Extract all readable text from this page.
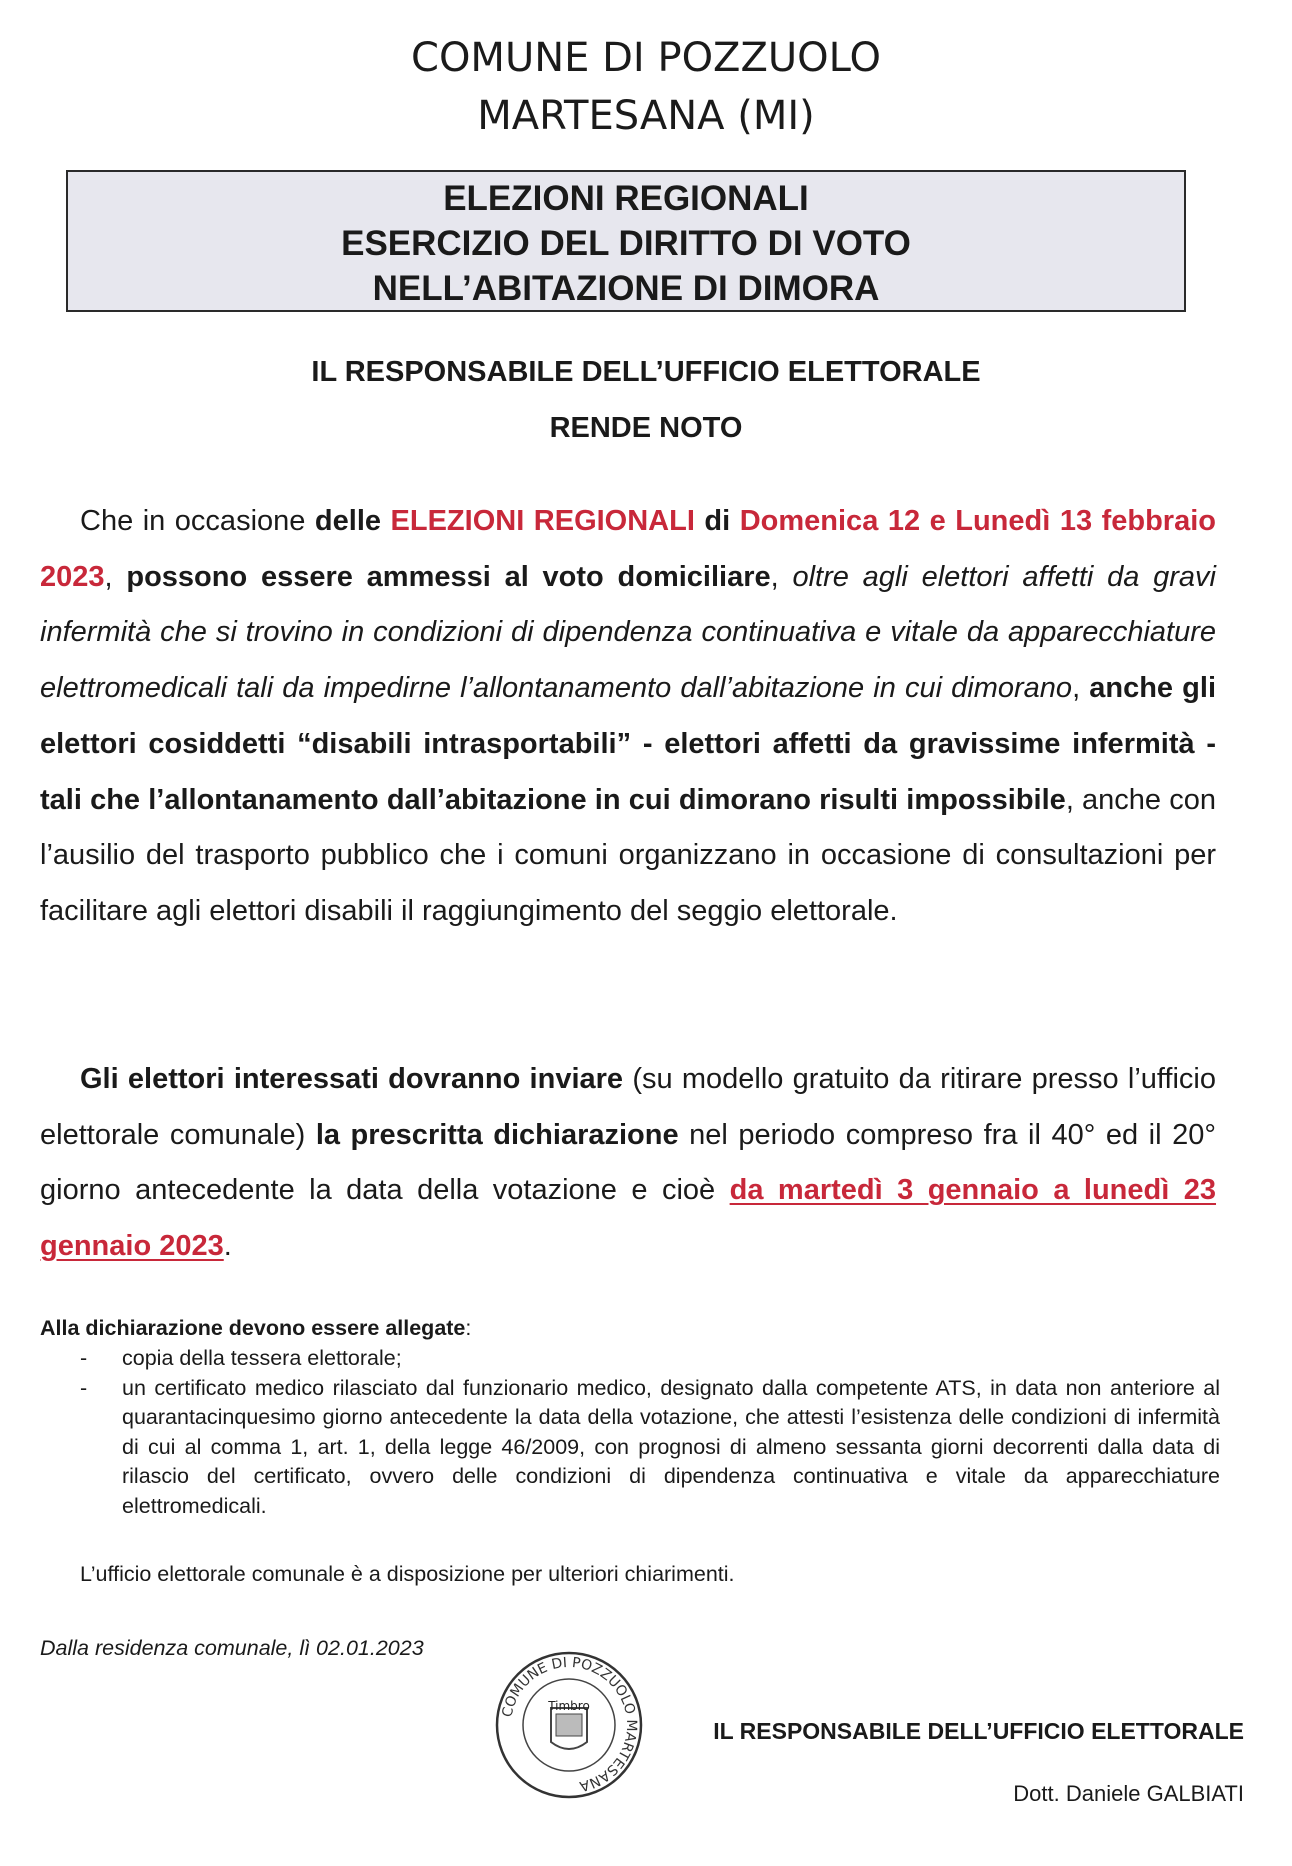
COMUNE DI POZZUOLO
MARTESANA (MI)
ELEZIONI REGIONALI
ESERCIZIO DEL DIRITTO DI VOTO
NELL’ABITAZIONE DI DIMORA
IL RESPONSABILE DELL’UFFICIO ELETTORALE
RENDE NOTO

Che in occasione delle ELEZIONI REGIONALI di Domenica 12 e Lunedì 13 febbraio 2023, possono essere ammessi al voto domiciliare, oltre agli elettori affetti da gravi infermità che si trovino in condizioni di dipendenza continuativa e vitale da apparecchiature elettromedicali tali da impedirne l’allontanamento dall’abitazione in cui dimorano, anche gli elettori cosiddetti “disabili intrasportabili” - elettori affetti da gravissime infermità - tali che l’allontanamento dall’abitazione in cui dimorano risulti impossibile, anche con l’ausilio del trasporto pubblico che i comuni organizzano in occasione di consultazioni per facilitare agli elettori disabili il raggiungimento del seggio elettorale.

Gli elettori interessati dovranno inviare (su modello gratuito da ritirare presso l’ufficio elettorale comunale) la prescritta dichiarazione nel periodo compreso fra il 40° ed il 20° giorno antecedente la data della votazione e cioè da martedì 3 gennaio a lunedì 23 gennaio 2023.

Alla dichiarazione devono essere allegate:
- copia della tessera elettorale;
- un certificato medico rilasciato dal funzionario medico, designato dalla competente ATS, in data non anteriore al quarantacinquesimo giorno antecedente la data della votazione, che attesti l’esistenza delle condizioni di infermità di cui al comma 1, art. 1, della legge 46/2009, con prognosi di almeno sessanta giorni decorrenti dalla data di rilascio del certificato, ovvero delle condizioni di dipendenza continuativa e vitale da apparecchiature elettromedicali.
L’ufficio elettorale comunale è a disposizione per ulteriori chiarimenti.
Dalla residenza comunale, lì 02.01.2023
COMUNE DI POZZUOLO MARTESANA
Timbro
IL RESPONSABILE DELL’UFFICIO ELETTORALE
Dott. Daniele GALBIATI
